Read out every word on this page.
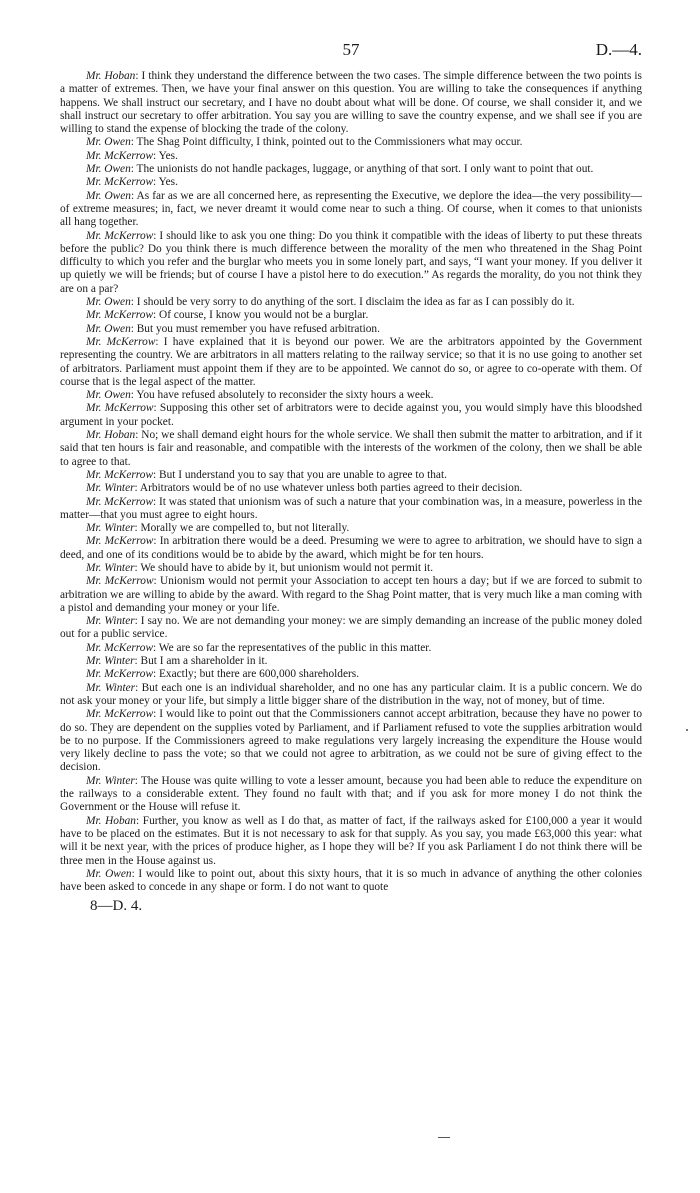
57	D.—4.

Mr. Hoban: I think they understand the difference between the two cases. The simple difference between the two points is a matter of extremes. Then, we have your final answer on this question. You are willing to take the consequences if anything happens. We shall instruct our secretary, and I have no doubt about what will be done. Of course, we shall consider it, and we shall instruct our secretary to offer arbitration. You say you are willing to save the country expense, and we shall see if you are willing to stand the expense of blocking the trade of the colony.

Mr. Owen: The Shag Point difficulty, I think, pointed out to the Commissioners what may occur.

Mr. McKerrow: Yes.

Mr. Owen: The unionists do not handle packages, luggage, or anything of that sort. I only want to point that out.

Mr. McKerrow: Yes.

Mr. Owen: As far as we are all concerned here, as representing the Executive, we deplore the idea—the very possibility—of extreme measures; in, fact, we never dreamt it would come near to such a thing. Of course, when it comes to that unionists all hang together.

Mr. McKerrow: I should like to ask you one thing: Do you think it compatible with the ideas of liberty to put these threats before the public? Do you think there is much difference between the morality of the men who threatened in the Shag Point difficulty to which you refer and the burglar who meets you in some lonely part, and says, “I want your money. If you deliver it up quietly we will be friends; but of course I have a pistol here to do execution.” As regards the morality, do you not think they are on a par?

Mr. Owen: I should be very sorry to do anything of the sort. I disclaim the idea as far as I can possibly do it.

Mr. McKerrow: Of course, I know you would not be a burglar.

Mr. Owen: But you must remember you have refused arbitration.

Mr. McKerrow: I have explained that it is beyond our power. We are the arbitrators appointed by the Government representing the country. We are arbitrators in all matters relating to the railway service; so that it is no use going to another set of arbitrators. Parliament must appoint them if they are to be appointed. We cannot do so, or agree to co-operate with them. Of course that is the legal aspect of the matter.

Mr. Owen: You have refused absolutely to reconsider the sixty hours a week.

Mr. McKerrow: Supposing this other set of arbitrators were to decide against you, you would simply have this bloodshed argument in your pocket.

Mr. Hoban: No; we shall demand eight hours for the whole service. We shall then submit the matter to arbitration, and if it said that ten hours is fair and reasonable, and compatible with the interests of the workmen of the colony, then we shall be able to agree to that.

Mr. McKerrow: But I understand you to say that you are unable to agree to that.

Mr. Winter: Arbitrators would be of no use whatever unless both parties agreed to their decision.

Mr. McKerrow: It was stated that unionism was of such a nature that your combination was, in a measure, powerless in the matter—that you must agree to eight hours.

Mr. Winter: Morally we are compelled to, but not literally.

Mr. McKerrow: In arbitration there would be a deed. Presuming we were to agree to arbitration, we should have to sign a deed, and one of its conditions would be to abide by the award, which might be for ten hours.

Mr. Winter: We should have to abide by it, but unionism would not permit it.

Mr. McKerrow: Unionism would not permit your Association to accept ten hours a day; but if we are forced to submit to arbitration we are willing to abide by the award. With regard to the Shag Point matter, that is very much like a man coming with a pistol and demanding your money or your life.

Mr. Winter: I say no. We are not demanding your money: we are simply demanding an increase of the public money doled out for a public service.

Mr. McKerrow: We are so far the representatives of the public in this matter.

Mr. Winter: But I am a shareholder in it.

Mr. McKerrow: Exactly; but there are 600,000 shareholders.

Mr. Winter: But each one is an individual shareholder, and no one has any particular claim. It is a public concern. We do not ask your money or your life, but simply a little bigger share of the distribution in the way, not of money, but of time.

Mr. McKerrow: I would like to point out that the Commissioners cannot accept arbitration, because they have no power to do so. They are dependent on the supplies voted by Parliament, and if Parliament refused to vote the supplies arbitration would be to no purpose. If the Commissioners agreed to make regulations very largely increasing the expenditure the House would very likely decline to pass the vote; so that we could not agree to arbitration, as we could not be sure of giving effect to the decision.

Mr. Winter: The House was quite willing to vote a lesser amount, because you had been able to reduce the expenditure on the railways to a considerable extent. They found no fault with that; and if you ask for more money I do not think the Government or the House will refuse it.

Mr. Hoban: Further, you know as well as I do that, as matter of fact, if the railways asked for £100,000 a year it would have to be placed on the estimates. But it is not necessary to ask for that supply. As you say, you made £63,000 this year: what will it be next year, with the prices of produce higher, as I hope they will be? If you ask Parliament I do not think there will be three men in the House against us.

Mr. Owen: I would like to point out, about this sixty hours, that it is so much in advance of anything the other colonies have been asked to concede in any shape or form. I do not want to quote

8—D. 4.
